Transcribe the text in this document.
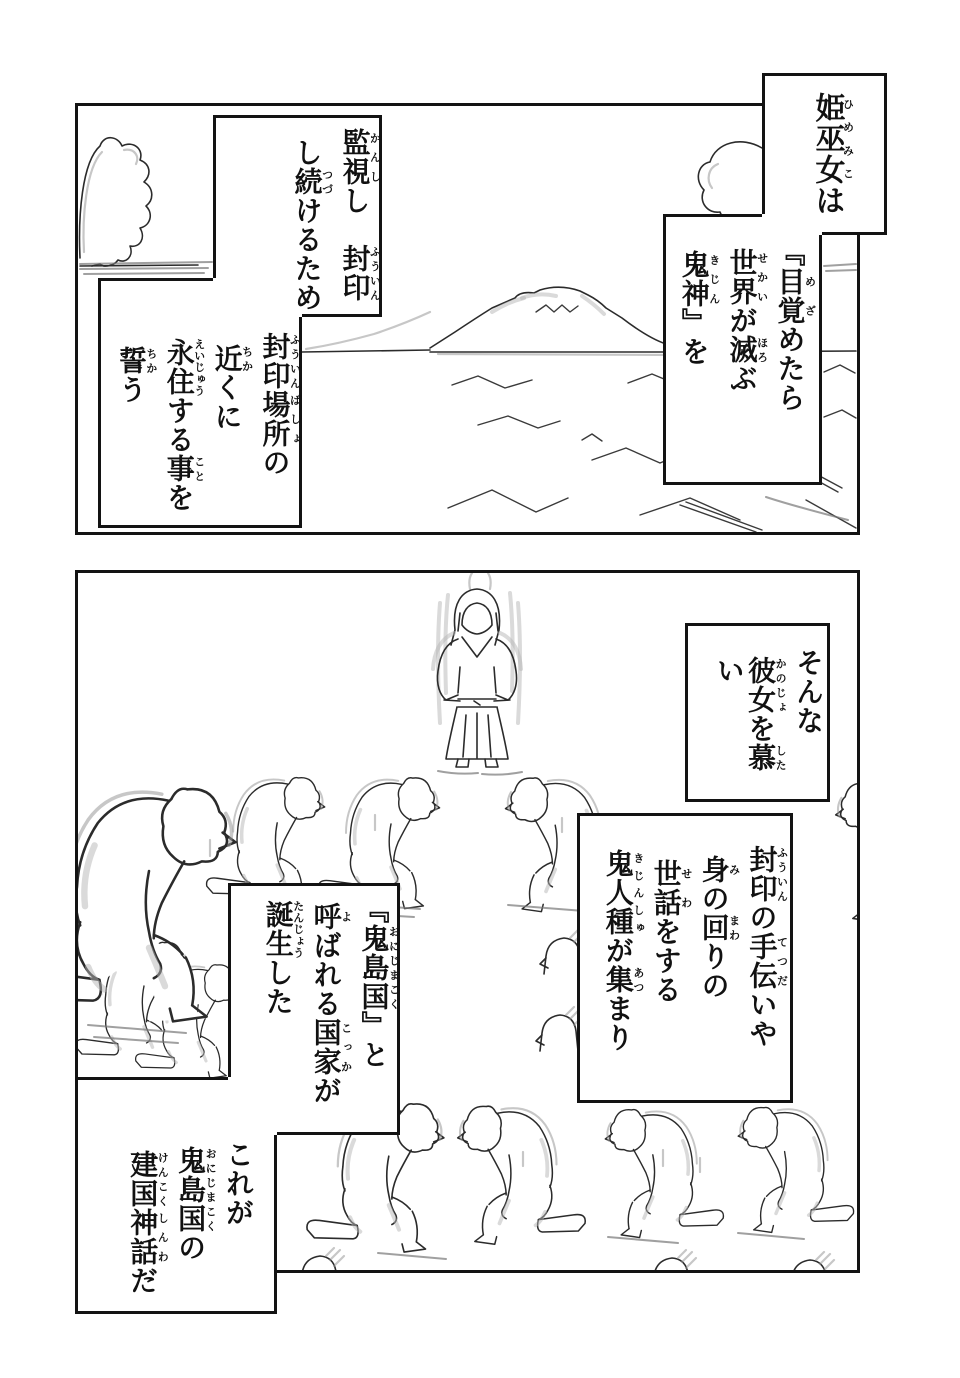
姫巫女ひめみこは
『目覚めざめたら
世界せかいが滅ほろぶ
鬼神きじん』を
監視かんしし　封印ふういん
し続つづけるため
封印ふういん場所ばしょの
近ちかくに
永住えいじゅうする事ことを
誓ちかう
そんな
彼女かのじょを慕したい
封印ふういんの手伝てつだいや
身みの回まわりの
世話せわをする
鬼人種きじんしゅが集あつまり
『鬼島国おにじまこく』と
呼よばれる国家こっかが
誕生たんじょうした
これが
鬼島国おにじまこくの
建国けんこく神話しんわだ
